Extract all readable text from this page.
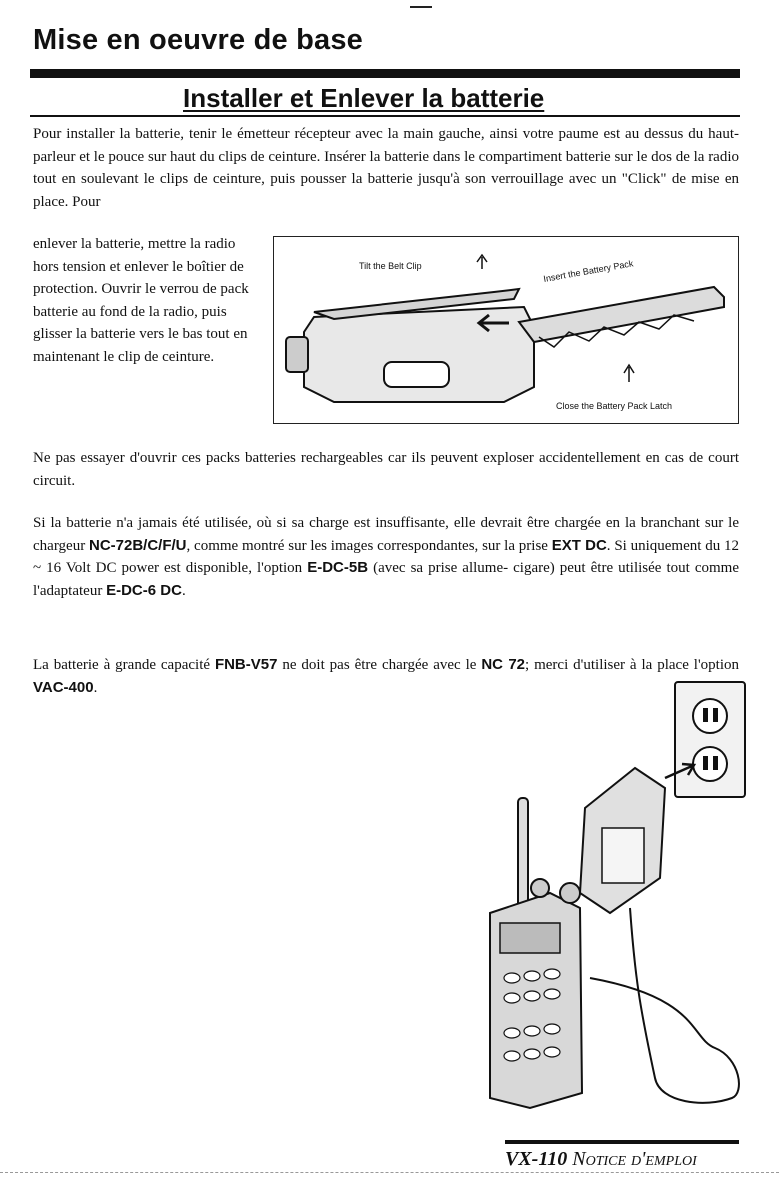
Mise en oeuvre de base
Installer et Enlever la batterie
Pour installer la batterie, tenir le émetteur récepteur avec la main gauche, ainsi votre paume est au dessus du haut-parleur et le pouce sur haut du clips de ceinture. Insérer la batterie dans le compartiment batterie sur le dos de la radio tout en soulevant le clips de ceinture, puis pousser la batterie jusqu'à son verrouillage avec un "Click" de mise en place. Pour
enlever la batterie, mettre la radio hors tension et enlever le boîtier de protection. Ouvrir le verrou de pack batterie au fond de la radio, puis glisser la batterie vers le bas tout en maintenant le clip de ceinture.
Tilt the Belt Clip	Insert the Battery Pack
Close the Battery Pack Latch
Ne pas essayer d'ouvrir ces packs batteries rechargeables car ils peuvent exploser accidentellement en cas de court circuit.
Si la batterie n'a jamais été utilisée, où si sa charge est insuffisante, elle devrait être chargée en la branchant sur le chargeur NC-72B/C/F/U, comme montré sur les images correspondantes, sur la prise EXT DC. Si uniquement du 12 ~ 16 Volt DC power est disponible, l'option E-DC-5B (avec sa prise allume- cigare) peut être utilisée tout comme l'adaptateur E-DC-6 DC.
La batterie à grande capacité FNB-V57 ne doit pas être chargée avec le NC 72; merci d'utiliser à la place l'option VAC-400.
VX-110 Notice d'emploi
